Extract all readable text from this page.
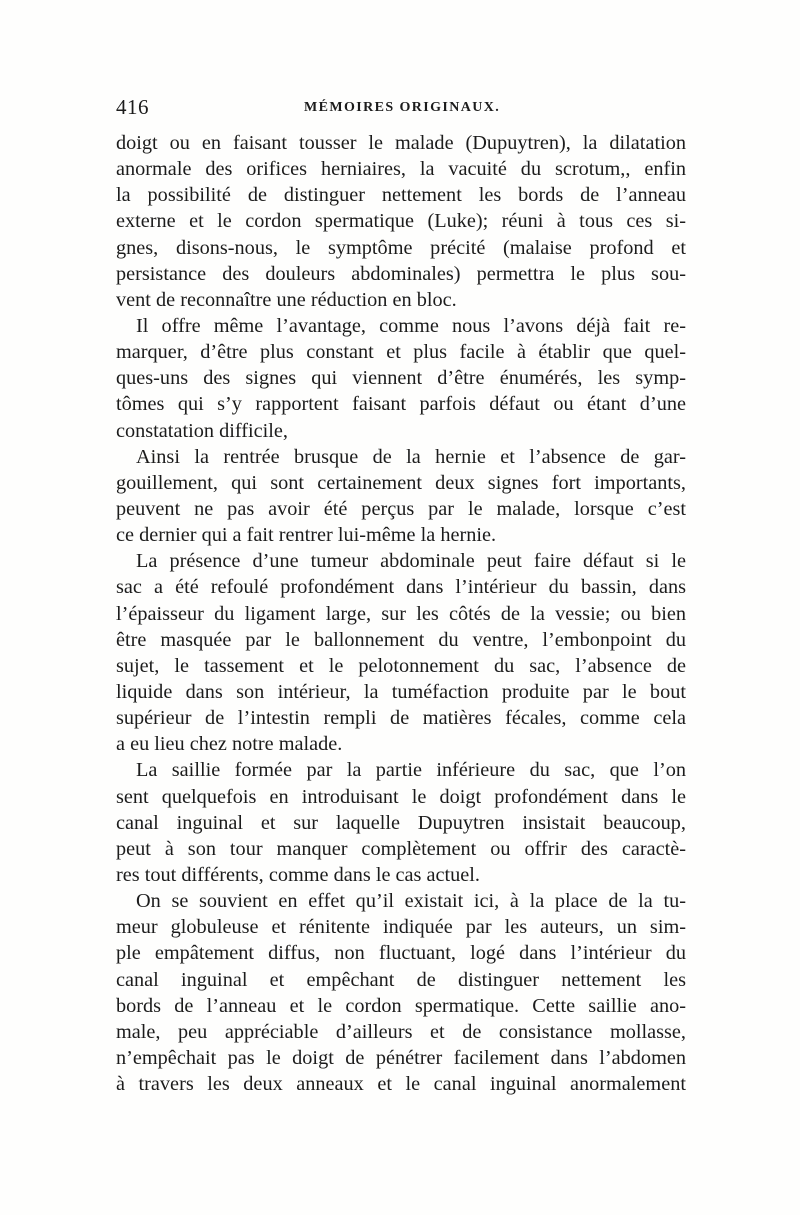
416	MÉMOIRES ORIGINAUX.
doigt ou en faisant tousser le malade (Dupuytren), la dilatation
anormale des orifices herniaires, la vacuité du scrotum,, enfin
la possibilité de distinguer nettement les bords de l’anneau
externe et le cordon spermatique (Luke); réuni à tous ces si-
gnes, disons-nous, le symptôme précité (malaise profond et
persistance des douleurs abdominales) permettra le plus sou-
vent de reconnaître une réduction en bloc.
Il offre même l’avantage, comme nous l’avons déjà fait re-
marquer, d’être plus constant et plus facile à établir que quel-
ques-uns des signes qui viennent d’être énumérés, les symp-
tômes qui s’y rapportent faisant parfois défaut ou étant d’une
constatation difficile,
Ainsi la rentrée brusque de la hernie et l’absence de gar-
gouillement, qui sont certainement deux signes fort importants,
peuvent ne pas avoir été perçus par le malade, lorsque c’est
ce dernier qui a fait rentrer lui-même la hernie.
La présence d’une tumeur abdominale peut faire défaut si le
sac a été refoulé profondément dans l’intérieur du bassin, dans
l’épaisseur du ligament large, sur les côtés de la vessie; ou bien
être masquée par le ballonnement du ventre, l’embonpoint du
sujet, le tassement et le pelotonnement du sac, l’absence de
liquide dans son intérieur, la tuméfaction produite par le bout
supérieur de l’intestin rempli de matières fécales, comme cela
a eu lieu chez notre malade.
La saillie formée par la partie inférieure du sac, que l’on
sent quelquefois en introduisant le doigt profondément dans le
canal inguinal et sur laquelle Dupuytren insistait beaucoup,
peut à son tour manquer complètement ou offrir des caractè-
res tout différents, comme dans le cas actuel.
On se souvient en effet qu’il existait ici, à la place de la tu-
meur globuleuse et rénitente indiquée par les auteurs, un sim-
ple empâtement diffus, non fluctuant, logé dans l’intérieur du
canal inguinal et empêchant de distinguer nettement les
bords de l’anneau et le cordon spermatique. Cette saillie ano-
male, peu appréciable d’ailleurs et de consistance mollasse,
n’empêchait pas le doigt de pénétrer facilement dans l’abdomen
à travers les deux anneaux et le canal inguinal anormalement
